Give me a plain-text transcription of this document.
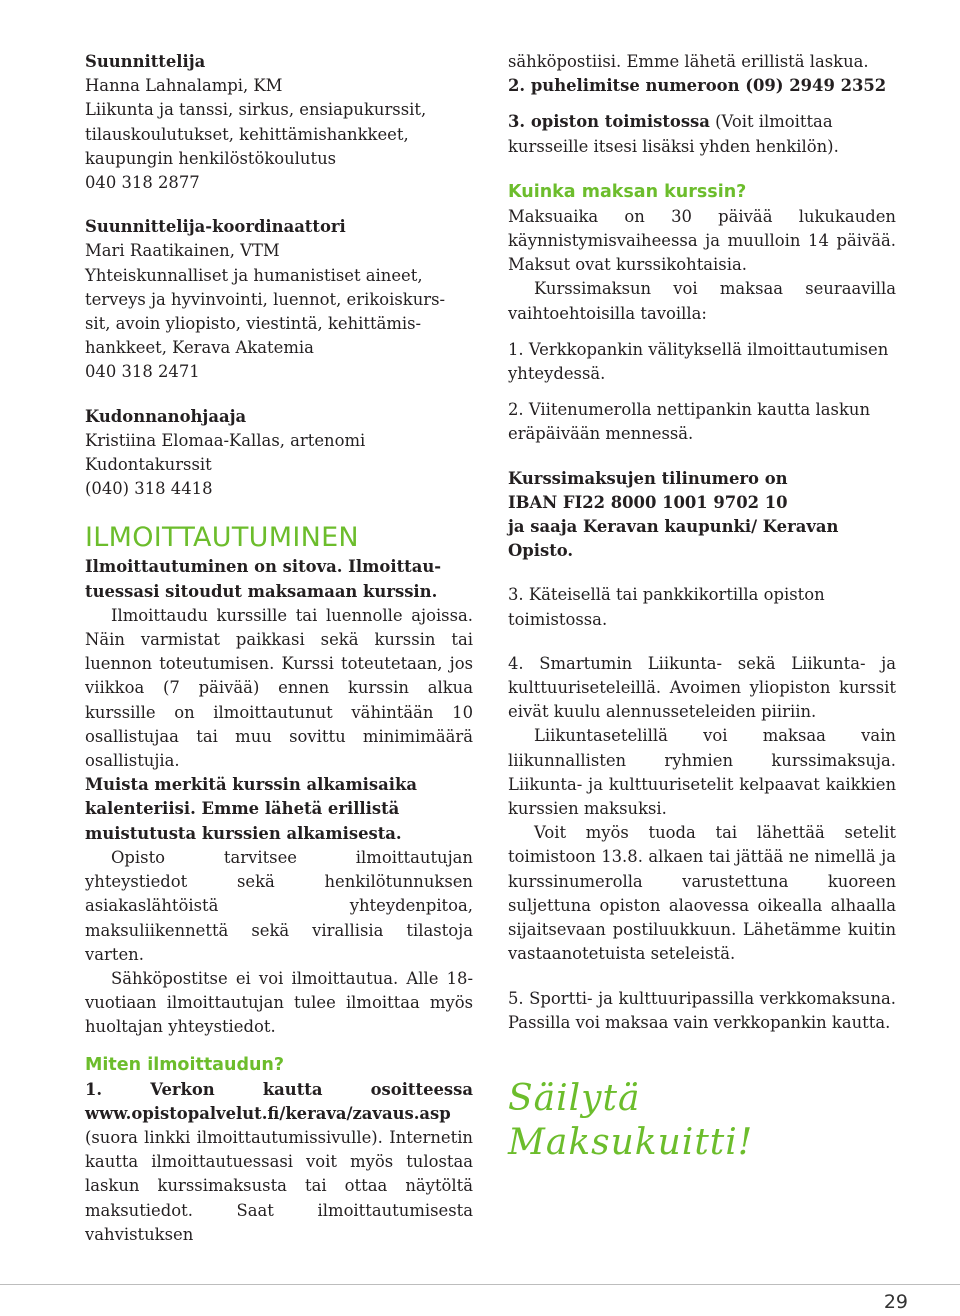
Suunnittelija

Hanna Lahnalampi, KM

Liikunta ja tanssi, sirkus, ensiapukurssit,

tilauskoulutukset, kehittämishankkeet,

kaupungin henkilöstökoulutus

040 318 2877

Suunnittelija-koordinaattori

Mari Raatikainen, VTM

Yhteiskunnalliset ja humanistiset aineet,

terveys ja hyvinvointi, luennot, erikoiskurs-

sit, avoin yliopisto, viestintä, kehittämis-

hankkeet, Kerava Akatemia

040 318 2471

Kudonnanohjaaja

Kristiina Elomaa-Kallas, artenomi

Kudontakurssit

(040) 318 4418

ILMOITTAUTUMINEN

Ilmoittautuminen on sitova. Ilmoittau-tuessasi sitoudut maksamaan kurssin.

Ilmoittaudu kurssille tai luennolle ajoissa. Näin varmistat paikkasi sekä kurssin tai luennon toteutumisen. Kurssi toteutetaan, jos viikkoa (7 päivää) ennen kurssin alkua kurssille on ilmoittautunut vähintään 10 osallistujaa tai muu sovittu minimimäärä osallistujia.

Muista merkitä kurssin alkamisaika kalenteriisi. Emme lähetä erillistä muistutusta kurssien alkamisesta.

Opisto tarvitsee ilmoittautujan yhteystiedot sekä henkilötunnuksen asiakaslähtöistä yhteydenpitoa, maksuliikennettä sekä virallisia tilastoja varten.

Sähköpostitse ei voi ilmoittautua. Alle 18-vuotiaan ilmoittautujan tulee ilmoittaa myös huoltajan yhteystiedot.

Miten ilmoittaudun?

1. Verkon kautta osoitteessa www.opistopalvelut.fi/kerava/zavaus.asp (suora linkki ilmoittautumissivulle). Internetin kautta ilmoittautuessasi voit myös tulostaa laskun kurssimaksusta tai ottaa näytöltä maksutiedot. Saat ilmoittautumisesta vahvistuksen

sähköpostiisi. Emme lähetä erillistä laskua.

2. puhelimitse numeroon (09) 2949 2352

3. opiston toimistossa (Voit ilmoittaa kursseille itsesi lisäksi yhden henkilön).

Kuinka maksan kurssin?

Maksuaika on 30 päivää lukukauden käynnistymisvaiheessa ja muulloin 14 päivää. Maksut ovat kurssikohtaisia.

Kurssimaksun voi maksaa seuraavilla vaihtoehtoisilla tavoilla:

1. Verkkopankin välityksellä ilmoittautumisen yhteydessä.

2. Viitenumerolla nettipankin kautta laskun eräpäivään mennessä.

Kurssimaksujen tilinumero on

IBAN FI22 8000 1001 9702 10

ja saaja Keravan kaupunki/ Keravan Opisto.

3. Käteisellä tai pankkikortilla opiston toimistossa.

4. Smartumin Liikunta- sekä Liikunta- ja kulttuuriseteleillä. Avoimen yliopiston kurssit eivät kuulu alennusseteleiden piiriin.

Liikuntasetelillä voi maksaa vain liikunnallisten ryhmien kurssimaksuja. Liikunta- ja kulttuurisetelit kelpaavat kaikkien kurssien maksuksi.

Voit myös tuoda tai lähettää setelit toimistoon 13.8. alkaen tai jättää ne nimellä ja kurssinumerolla varustettuna kuoreen suljettuna opiston alaovessa oikealla alhaalla sijaitsevaan postiluukkuun. Lähetämme kuitin vastaanotetuista seteleistä.

5. Sportti- ja kulttuuripassilla verkkomaksuna. Passilla voi maksaa vain verkkopankin kautta.

Säilytä Maksukuitti!

29
